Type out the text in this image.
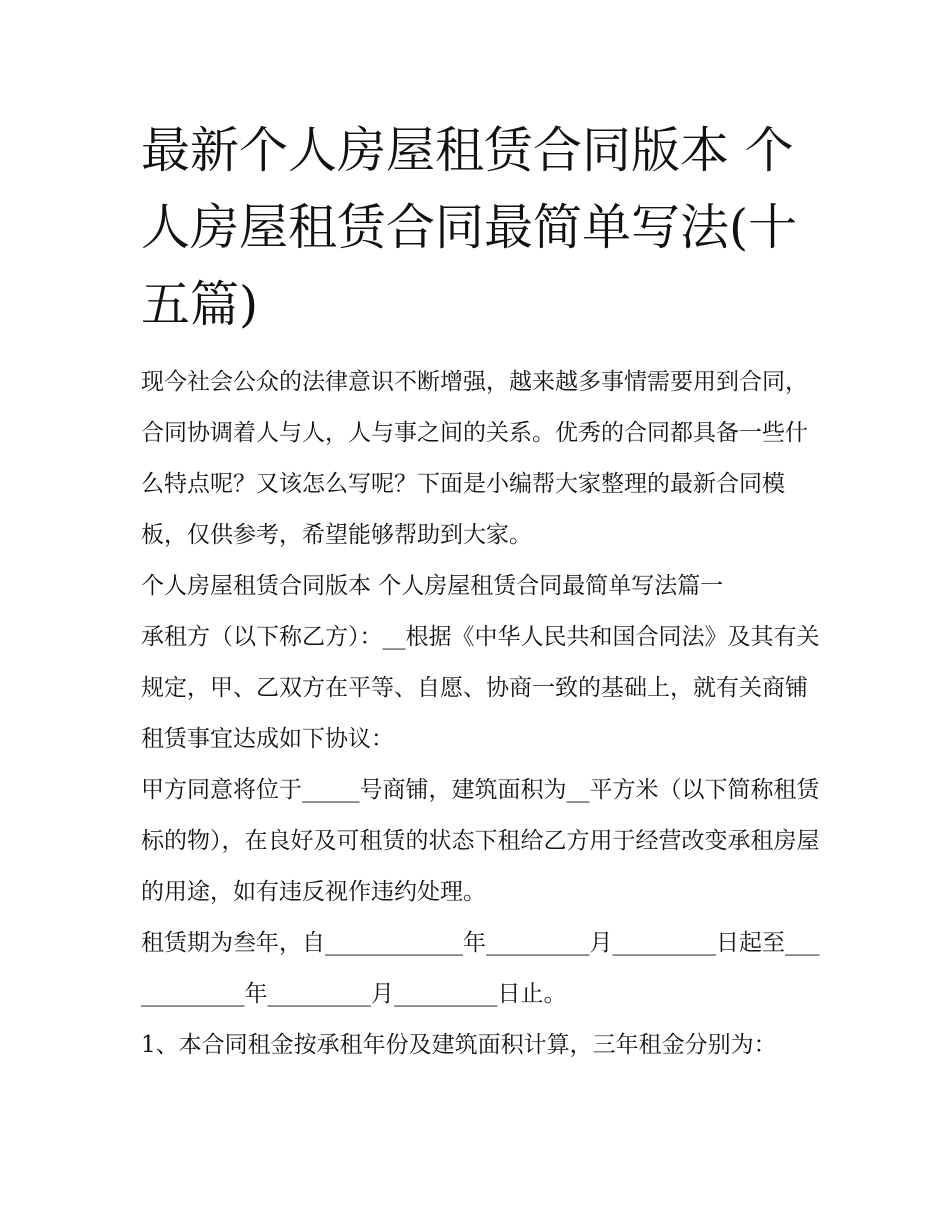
最新个人房屋租赁合同版本 个人房屋租赁合同最简单写法(十五篇)

现今社会公众的法律意识不断增强，越来越多事情需要用到合同，合同协调着人与人，人与事之间的关系。优秀的合同都具备一些什么特点呢？又该怎么写呢？下面是小编帮大家整理的最新合同模板，仅供参考，希望能够帮助到大家。

个人房屋租赁合同版本 个人房屋租赁合同最简单写法篇一

承租方（以下称乙方）：__根据《中华人民共和国合同法》及其有关规定，甲、乙双方在平等、自愿、协商一致的基础上，就有关商铺租赁事宜达成如下协议：

甲方同意将位于_____号商铺，建筑面积为__平方米（以下简称租赁标的物），在良好及可租赁的状态下租给乙方用于经营改变承租房屋的用途，如有违反视作违约处理。

租赁期为叁年，自____________年_________月_________日起至____________年_________月_________日止。

1、本合同租金按承租年份及建筑面积计算，三年租金分别为：
